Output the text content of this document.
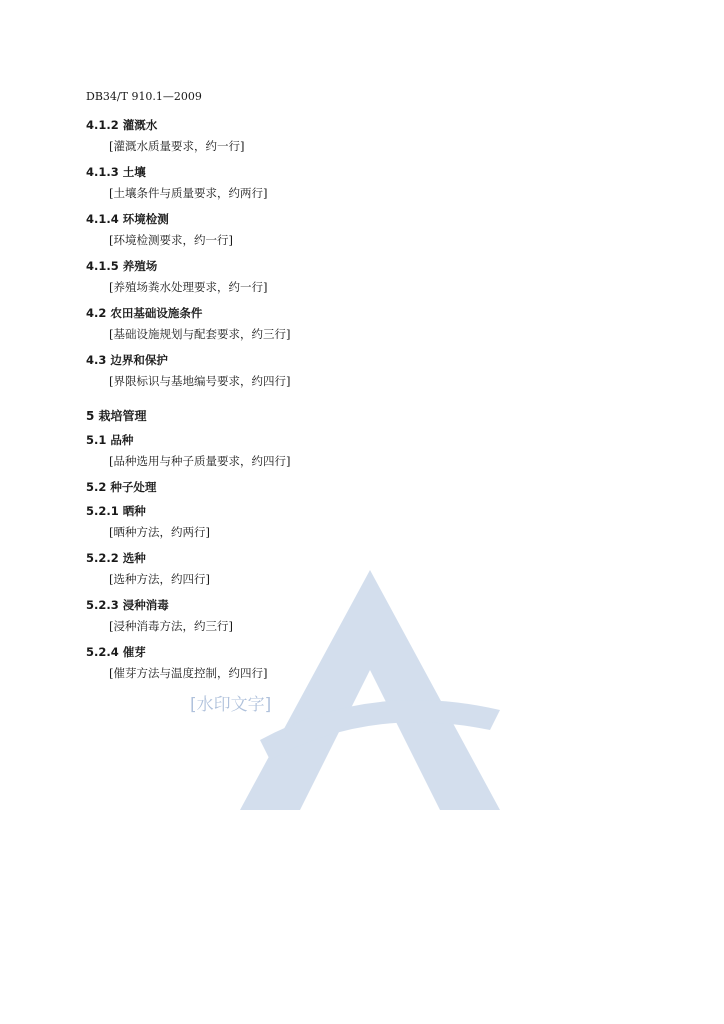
DB34/T 910.1—2009
4.1.2 灌溉水

[灌溉水质量要求，约一行]

4.1.3 土壤

[土壤条件与质量要求，约两行]

4.1.4 环境检测

[环境检测要求，约一行]

4.1.5 养殖场

[养殖场粪水处理要求，约一行]

4.2 农田基础设施条件

[基础设施规划与配套要求，约三行]

4.3 边界和保护

[界限标识与基地编号要求，约四行]

5 栽培管理
5.1 品种

[品种选用与种子质量要求，约四行]

5.2 种子处理
5.2.1 晒种

[晒种方法，约两行]

5.2.2 选种

[选种方法，约四行]

5.2.3 浸种消毒

[浸种消毒方法，约三行]

5.2.4 催芽

[催芽方法与温度控制，约四行]

[水印文字]
